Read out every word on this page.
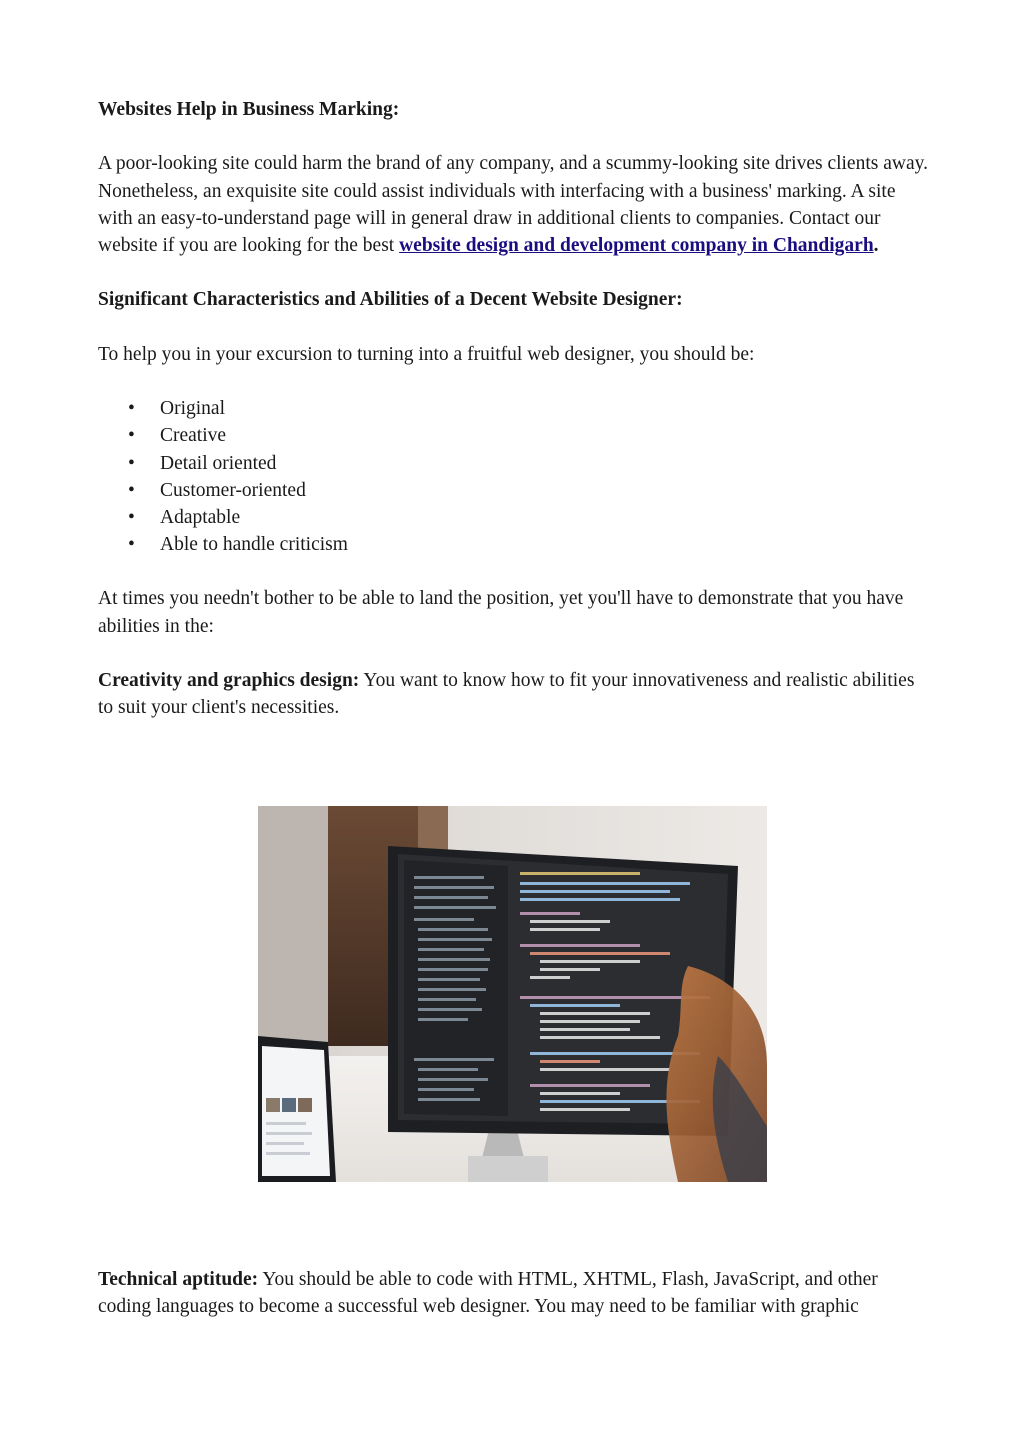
Websites Help in Business Marking:

A poor-looking site could harm the brand of any company, and a scummy-looking site drives clients away. Nonetheless, an exquisite site could assist individuals with interfacing with a business' marking. A site with an easy-to-understand page will in general draw in additional clients to companies. Contact our website if you are looking for the best website design and development company in Chandigarh.

Significant Characteristics and Abilities of a Decent Website Designer:

To help you in your excursion to turning into a fruitful web designer, you should be:

• Original
• Creative
• Detail oriented
• Customer-oriented
• Adaptable
• Able to handle criticism

At times you needn't bother to be able to land the position, yet you'll have to demonstrate that you have abilities in the:

Creativity and graphics design: You want to know how to fit your innovativeness and realistic abilities to suit your client's necessities.

Technical aptitude: You should be able to code with HTML, XHTML, Flash, JavaScript, and other coding languages to become a successful web designer. You may need to be familiar with graphic
